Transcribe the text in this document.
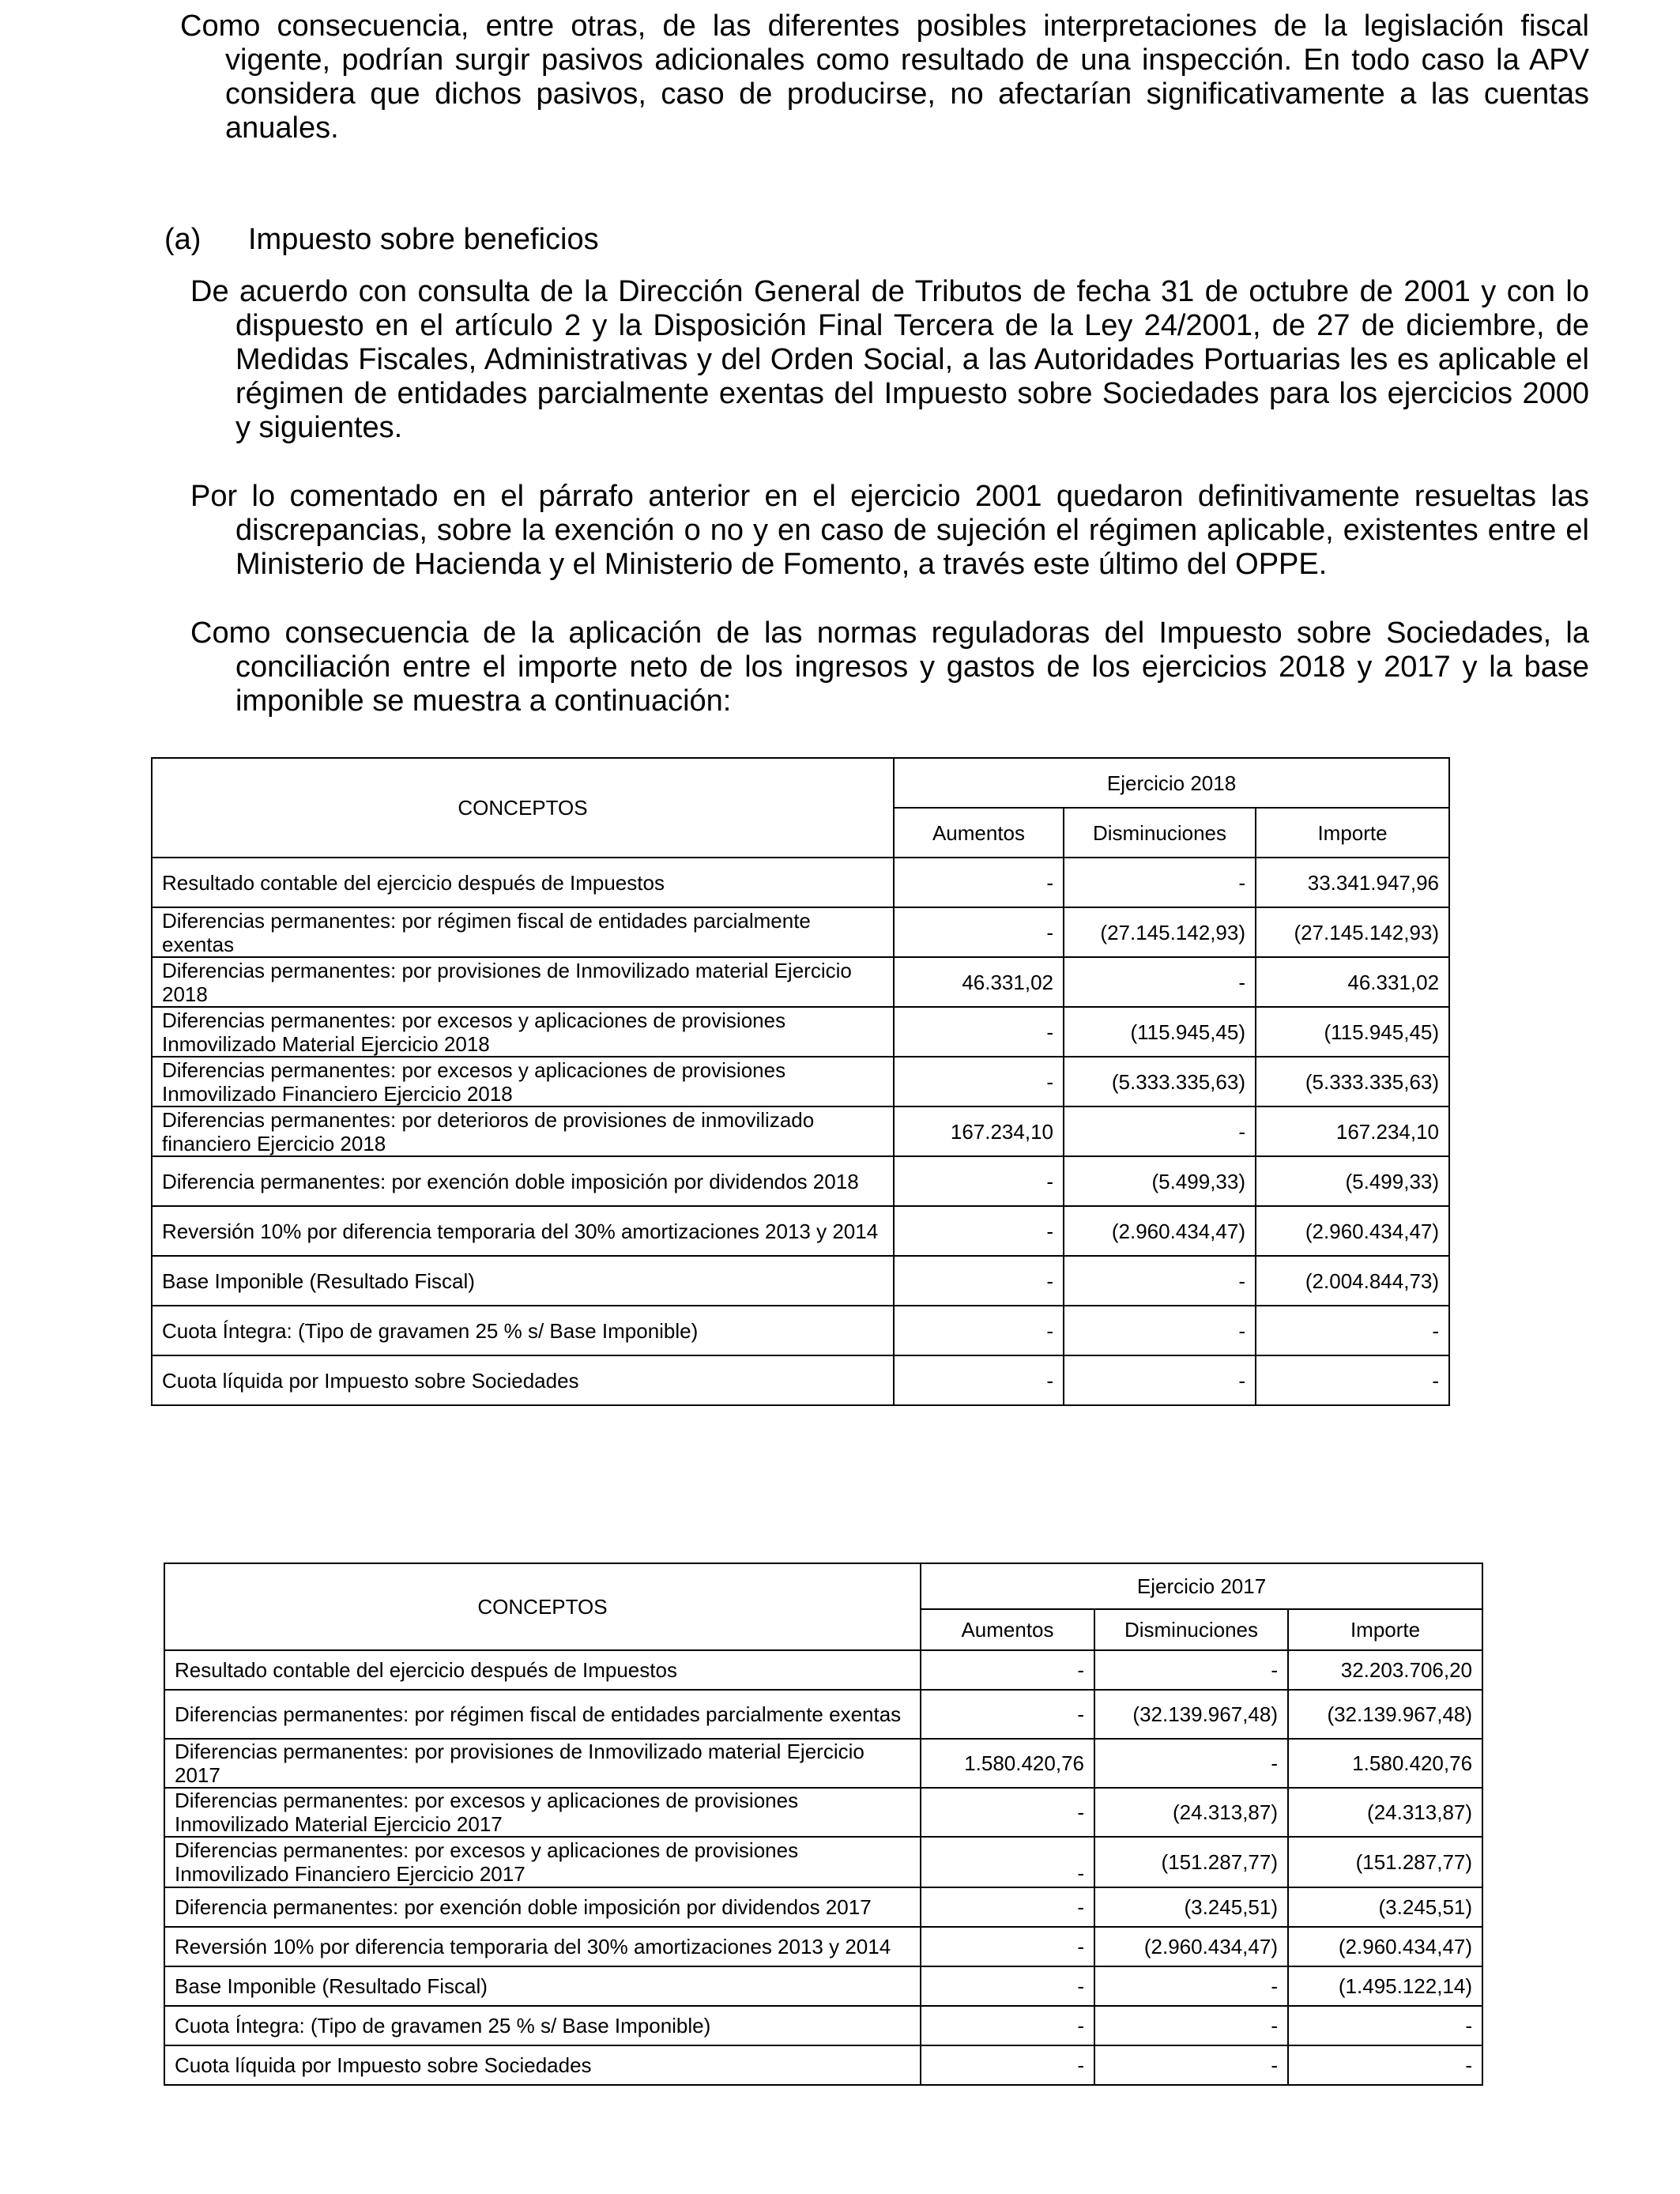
Como consecuencia, entre otras, de las diferentes posibles interpretaciones de la legislación fiscal vigente, podrían surgir pasivos adicionales como resultado de una inspección. En todo caso la APV considera que dichos pasivos, caso de producirse, no afectarían significativamente a las cuentas anuales.

(a) Impuesto sobre beneficios

De acuerdo con consulta de la Dirección General de Tributos de fecha 31 de octubre de 2001 y con lo dispuesto en el artículo 2 y la Disposición Final Tercera de la Ley 24/2001, de 27 de diciembre, de Medidas Fiscales, Administrativas y del Orden Social, a las Autoridades Portuarias les es aplicable el régimen de entidades parcialmente exentas del Impuesto sobre Sociedades para los ejercicios 2000 y siguientes.

Por lo comentado en el párrafo anterior en el ejercicio 2001 quedaron definitivamente resueltas las discrepancias, sobre la exención o no y en caso de sujeción el régimen aplicable, existentes entre el Ministerio de Hacienda y el Ministerio de Fomento, a través este último del OPPE.

Como consecuencia de la aplicación de las normas reguladoras del Impuesto sobre Sociedades, la conciliación entre el importe neto de los ingresos y gastos de los ejercicios 2018 y 2017 y la base imponible se muestra a continuación:

CONCEPTOS	Ejercicio 2018		
	Aumentos	Disminuciones	Importe
Resultado contable del ejercicio después de Impuestos	-	-	33.341.947,96
Diferencias permanentes: por régimen fiscal de entidades parcialmente exentas	-	(27.145.142,93)	(27.145.142,93)
Diferencias permanentes: por provisiones de Inmovilizado material Ejercicio 2018	46.331,02	-	46.331,02
Diferencias permanentes: por excesos y aplicaciones de provisiones Inmovilizado Material Ejercicio 2018	-	(115.945,45)	(115.945,45)
Diferencias permanentes: por excesos y aplicaciones de provisiones Inmovilizado Financiero Ejercicio 2018	-	(5.333.335,63)	(5.333.335,63)
Diferencias permanentes: por deterioros de provisiones de inmovilizado financiero Ejercicio 2018	167.234,10	-	167.234,10
Diferencia permanentes: por exención doble imposición por dividendos 2018	-	(5.499,33)	(5.499,33)
Reversión 10% por diferencia temporaria del 30% amortizaciones 2013 y 2014	-	(2.960.434,47)	(2.960.434,47)
Base Imponible (Resultado Fiscal)	-	-	(2.004.844,73)
Cuota Íntegra: (Tipo de gravamen 25 % s/ Base Imponible)	-	-	-
Cuota líquida por Impuesto sobre Sociedades	-	-	-
CONCEPTOS	Ejercicio 2017		
	Aumentos	Disminuciones	Importe
Resultado contable del ejercicio después de Impuestos	-	-	32.203.706,20
Diferencias permanentes: por régimen fiscal de entidades parcialmente exentas	-	(32.139.967,48)	(32.139.967,48)
Diferencias permanentes: por provisiones de Inmovilizado material Ejercicio 2017	1.580.420,76	-	1.580.420,76
Diferencias permanentes: por excesos y aplicaciones de provisiones Inmovilizado Material Ejercicio 2017	-	(24.313,87)	(24.313,87)
Diferencias permanentes: por excesos y aplicaciones de provisiones Inmovilizado Financiero Ejercicio 2017	-	(151.287,77)	(151.287,77)
Diferencia permanentes: por exención doble imposición por dividendos 2017	-	(3.245,51)	(3.245,51)
Reversión 10% por diferencia temporaria del 30% amortizaciones 2013 y 2014	-	(2.960.434,47)	(2.960.434,47)
Base Imponible (Resultado Fiscal)	-	-	(1.495.122,14)
Cuota Íntegra: (Tipo de gravamen 25 % s/ Base Imponible)	-	-	-
Cuota líquida por Impuesto sobre Sociedades	-	-	-
